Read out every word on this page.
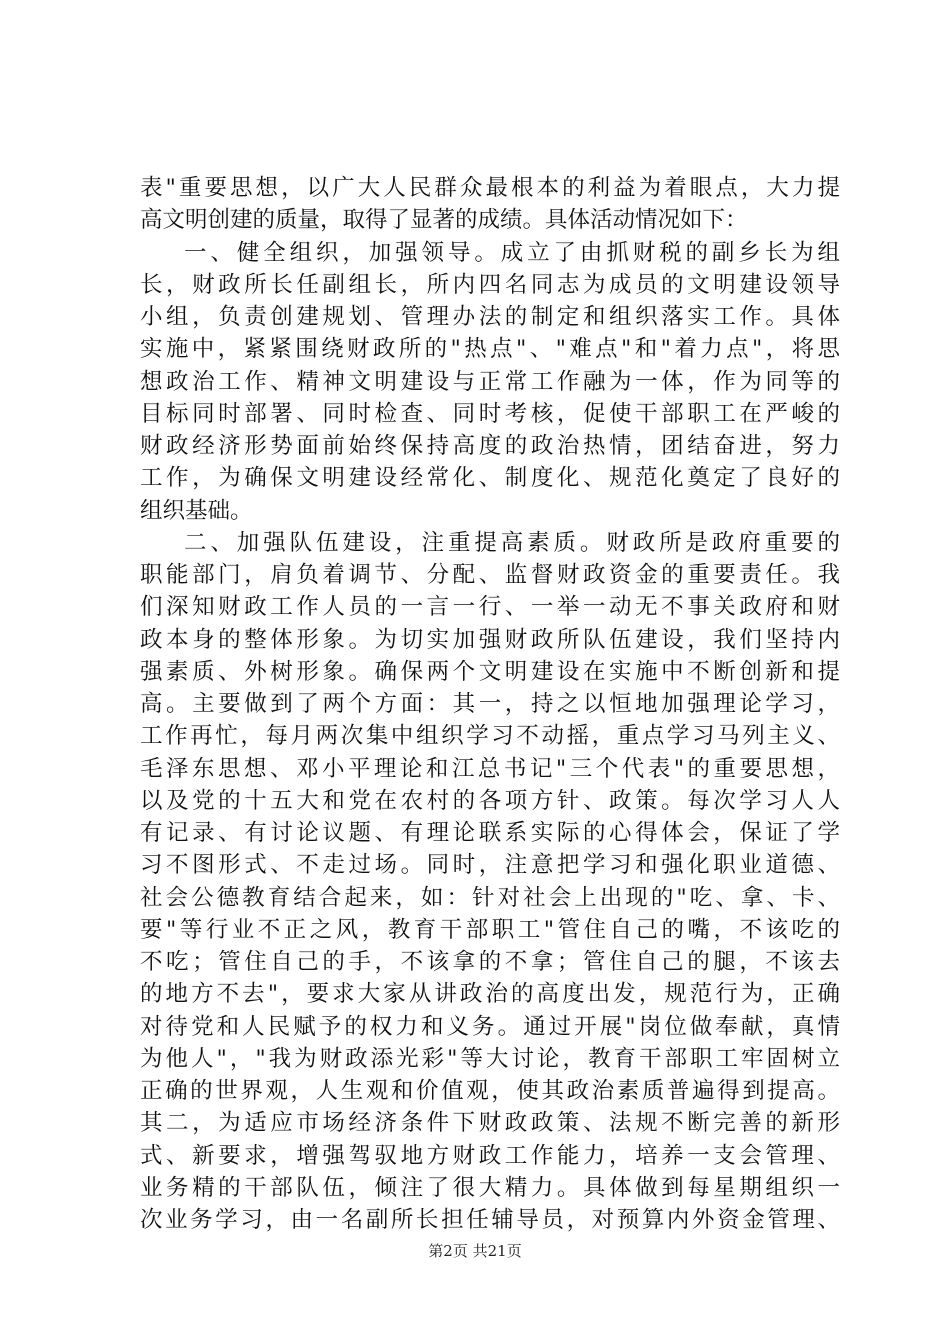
表"重要思想，以广大人民群众最根本的利益为着眼点，大力提
高文明创建的质量，取得了显著的成绩。具体活动情况如下：
一、健全组织，加强领导。成立了由抓财税的副乡长为组
长，财政所长任副组长，所内四名同志为成员的文明建设领导
小组，负责创建规划、管理办法的制定和组织落实工作。具体
实施中，紧紧围绕财政所的"热点"、"难点"和"着力点"，将思
想政治工作、精神文明建设与正常工作融为一体，作为同等的
目标同时部署、同时检查、同时考核，促使干部职工在严峻的
财政经济形势面前始终保持高度的政治热情，团结奋进，努力
工作，为确保文明建设经常化、制度化、规范化奠定了良好的
组织基础。
二、加强队伍建设，注重提高素质。财政所是政府重要的
职能部门，肩负着调节、分配、监督财政资金的重要责任。我
们深知财政工作人员的一言一行、一举一动无不事关政府和财
政本身的整体形象。为切实加强财政所队伍建设，我们坚持内
强素质、外树形象。确保两个文明建设在实施中不断创新和提
高。主要做到了两个方面：其一，持之以恒地加强理论学习，
工作再忙，每月两次集中组织学习不动摇，重点学习马列主义、
毛泽东思想、邓小平理论和江总书记"三个代表"的重要思想，
以及党的十五大和党在农村的各项方针、政策。每次学习人人
有记录、有讨论议题、有理论联系实际的心得体会，保证了学
习不图形式、不走过场。同时，注意把学习和强化职业道德、
社会公德教育结合起来，如：针对社会上出现的"吃、拿、卡、
要"等行业不正之风，教育干部职工"管住自己的嘴，不该吃的
不吃；管住自己的手，不该拿的不拿；管住自己的腿，不该去
的地方不去"，要求大家从讲政治的高度出发，规范行为，正确
对待党和人民赋予的权力和义务。通过开展"岗位做奉献，真情
为他人"，"我为财政添光彩"等大讨论，教育干部职工牢固树立
正确的世界观，人生观和价值观，使其政治素质普遍得到提高。
其二，为适应市场经济条件下财政政策、法规不断完善的新形
式、新要求，增强驾驭地方财政工作能力，培养一支会管理、
业务精的干部队伍，倾注了很大精力。具体做到每星期组织一
次业务学习，由一名副所长担任辅导员，对预算内外资金管理、
第2页 共21页
